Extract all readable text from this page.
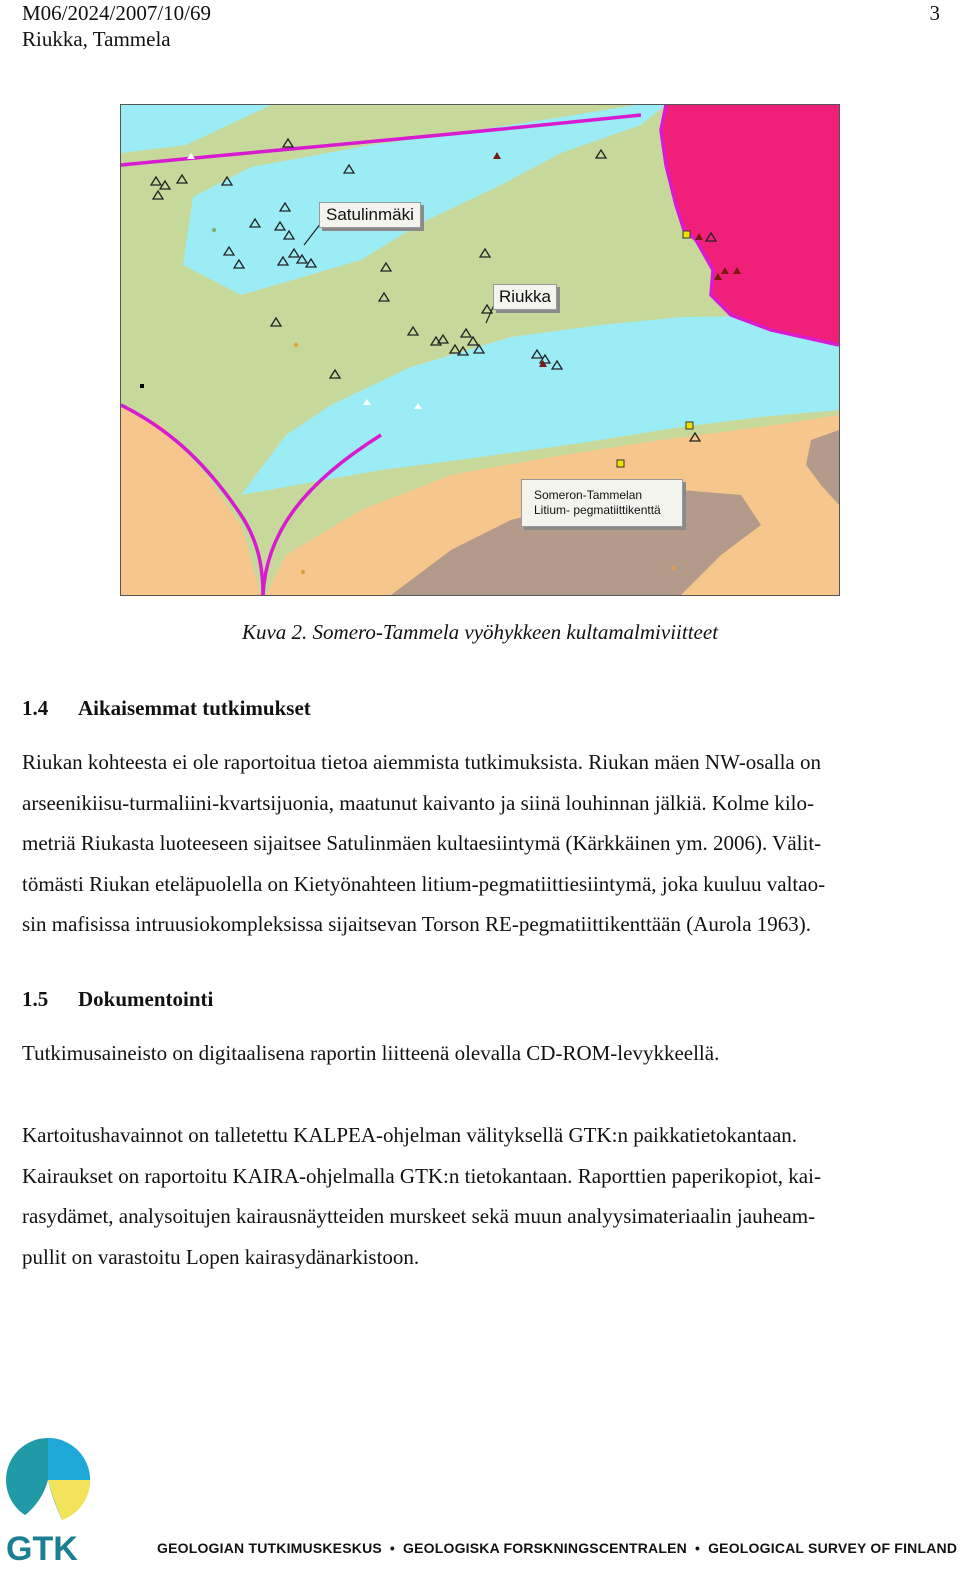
M06/2024/2007/10/69
Riukka, Tammela
3
Satulinmäki
Riukka
Someron-Tammelan
Litium- pegmatiittikenttä
Kuva 2. Somero-Tammela vyöhykkeen kultamalmiviitteet
1.4 Aikaisemmat tutkimukset
Riukan kohteesta ei ole raportoitua tietoa aiemmista tutkimuksista. Riukan mäen NW-osalla on
arseenikiisu-turmaliini-kvartsijuonia, maatunut kaivanto ja siinä louhinnan jälkiä. Kolme kilo-
metriä Riukasta luoteeseen sijaitsee Satulinmäen kultaesiintymä (Kärkkäinen ym. 2006). Välit-
tömästi Riukan eteläpuolella on Kietyönahteen litium-pegmatiittiesiintymä, joka kuuluu valtao-
sin mafisissa intruusiokompleksissa sijaitsevan Torson RE-pegmatiittikenttään (Aurola 1963).
1.5 Dokumentointi
Tutkimusaineisto on digitaalisena raportin liitteenä olevalla CD-ROM-levykkeellä.
Kartoitushavainnot on talletettu KALPEA-ohjelman välityksellä GTK:n paikkatietokantaan.
Kairaukset on raportoitu KAIRA-ohjelmalla GTK:n tietokantaan. Raporttien paperikopiot, kai-
rasydämet, analysoitujen kairausnäytteiden murskeet sekä muun analyysimateriaalin jauheam-
pullit on varastoitu Lopen kairasydänarkistoon.
GTK	GEOLOGIAN TUTKIMUSKESKUS • GEOLOGISKA FORSKNINGSCENTRALEN • GEOLOGICAL SURVEY OF FINLAND
